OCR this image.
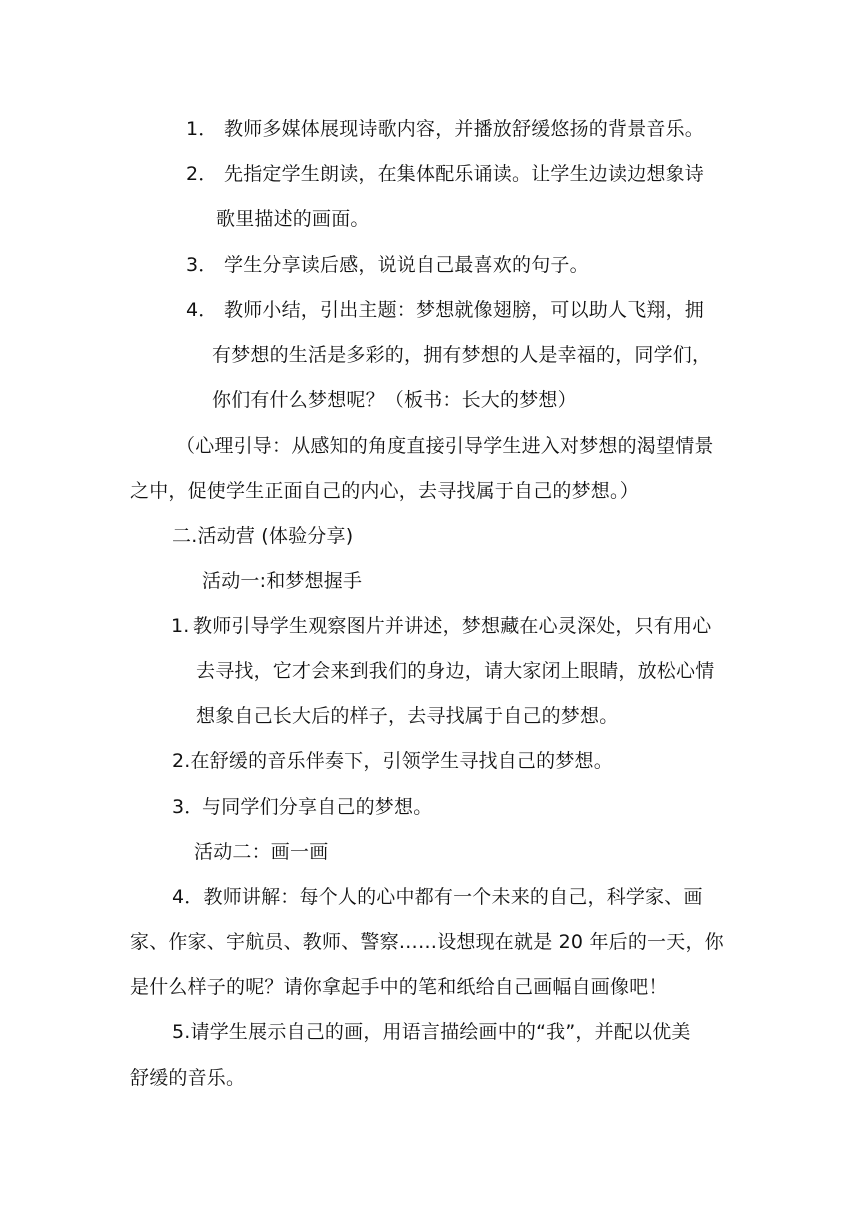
1． 教师多媒体展现诗歌内容，并播放舒缓悠扬的背景音乐。
2． 先指定学生朗读，在集体配乐诵读。让学生边读边想象诗
歌里描述的画面。
3． 学生分享读后感，说说自己最喜欢的句子。
4． 教师小结，引出主题：梦想就像翅膀，可以助人飞翔，拥
有梦想的生活是多彩的，拥有梦想的人是幸福的，同学们，
你们有什么梦想呢？（板书：长大的梦想）
（心理引导：从感知的角度直接引导学生进入对梦想的渴望情景
之中，促使学生正面自己的内心，去寻找属于自己的梦想。）
二.活动营 (体验分享)
活动一:和梦想握手
1. 教师引导学生观察图片并讲述，梦想藏在心灵深处，只有用心
去寻找，它才会来到我们的身边，请大家闭上眼睛，放松心情
想象自己长大后的样子，去寻找属于自己的梦想。
2.在舒缓的音乐伴奏下，引领学生寻找自己的梦想。
3．与同学们分享自己的梦想。
活动二：画一画
4．教师讲解：每个人的心中都有一个未来的自己，科学家、画
家、作家、宇航员、教师、警察……设想现在就是 20 年后的一天，你
是什么样子的呢？请你拿起手中的笔和纸给自己画幅自画像吧！
5.请学生展示自己的画，用语言描绘画中的“我”，并配以优美
舒缓的音乐。
